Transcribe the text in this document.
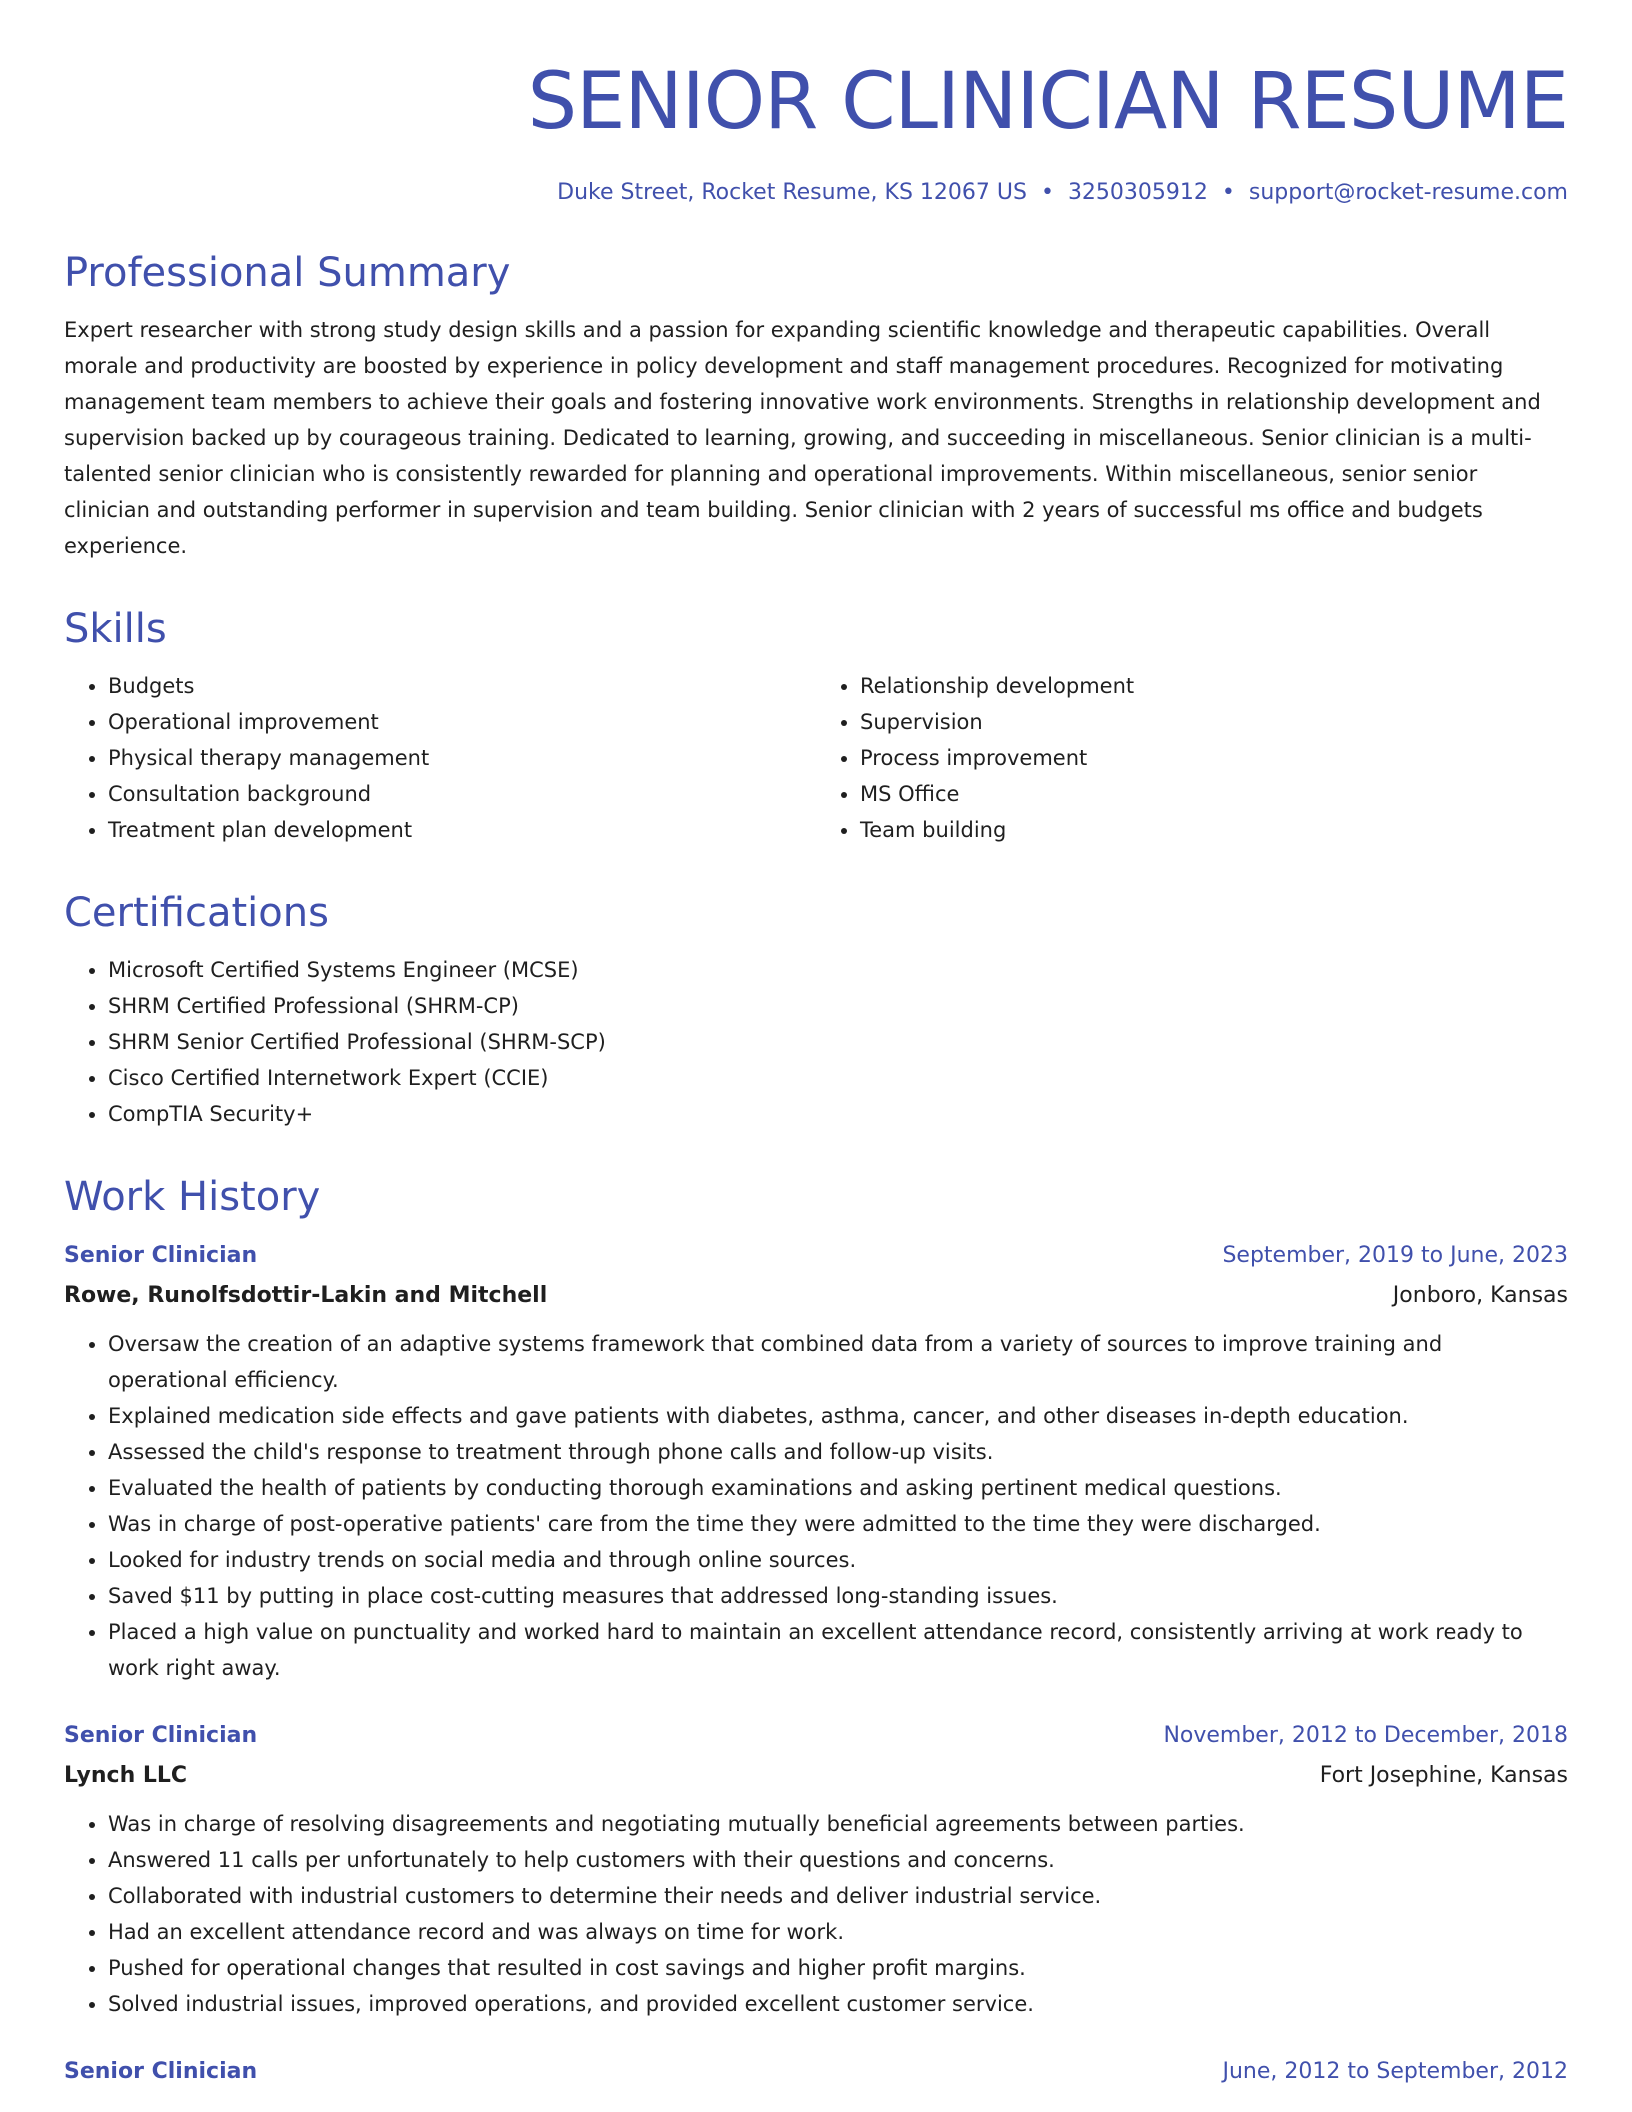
SENIOR CLINICIAN RESUME
Duke Street, Rocket Resume, KS 12067 US • 3250305912 • support@rocket-resume.com
Professional Summary

Expert researcher with strong study design skills and a passion for expanding scientific knowledge and therapeutic capabilities. Overall morale and productivity are boosted by experience in policy development and staff management procedures. Recognized for motivating management team members to achieve their goals and fostering innovative work environments. Strengths in relationship development and supervision backed up by courageous training. Dedicated to learning, growing, and succeeding in miscellaneous. Senior clinician is a multi-talented senior clinician who is consistently rewarded for planning and operational improvements. Within miscellaneous, senior senior clinician and outstanding performer in supervision and team building. Senior clinician with 2 years of successful ms office and budgets experience.

Skills
• Budgets
• Operational improvement
• Physical therapy management
• Consultation background
• Treatment plan development
• Relationship development
• Supervision
• Process improvement
• MS Office
• Team building
Certifications
• Microsoft Certified Systems Engineer (MCSE)
• SHRM Certified Professional (SHRM-CP)
• SHRM Senior Certified Professional (SHRM-SCP)
• Cisco Certified Internetwork Expert (CCIE)
• CompTIA Security+
Work History
Senior Clinician	September, 2019 to June, 2023
Rowe, Runolfsdottir-Lakin and Mitchell	Jonboro, Kansas
• Oversaw the creation of an adaptive systems framework that combined data from a variety of sources to improve training and operational efficiency.
• Explained medication side effects and gave patients with diabetes, asthma, cancer, and other diseases in-depth education.
• Assessed the child's response to treatment through phone calls and follow-up visits.
• Evaluated the health of patients by conducting thorough examinations and asking pertinent medical questions.
• Was in charge of post-operative patients' care from the time they were admitted to the time they were discharged.
• Looked for industry trends on social media and through online sources.
• Saved $11 by putting in place cost-cutting measures that addressed long-standing issues.
• Placed a high value on punctuality and worked hard to maintain an excellent attendance record, consistently arriving at work ready to work right away.
Senior Clinician	November, 2012 to December, 2018
Lynch LLC	Fort Josephine, Kansas
• Was in charge of resolving disagreements and negotiating mutually beneficial agreements between parties.
• Answered 11 calls per unfortunately to help customers with their questions and concerns.
• Collaborated with industrial customers to determine their needs and deliver industrial service.
• Had an excellent attendance record and was always on time for work.
• Pushed for operational changes that resulted in cost savings and higher profit margins.
• Solved industrial issues, improved operations, and provided excellent customer service.
Senior Clinician	June, 2012 to September, 2012
